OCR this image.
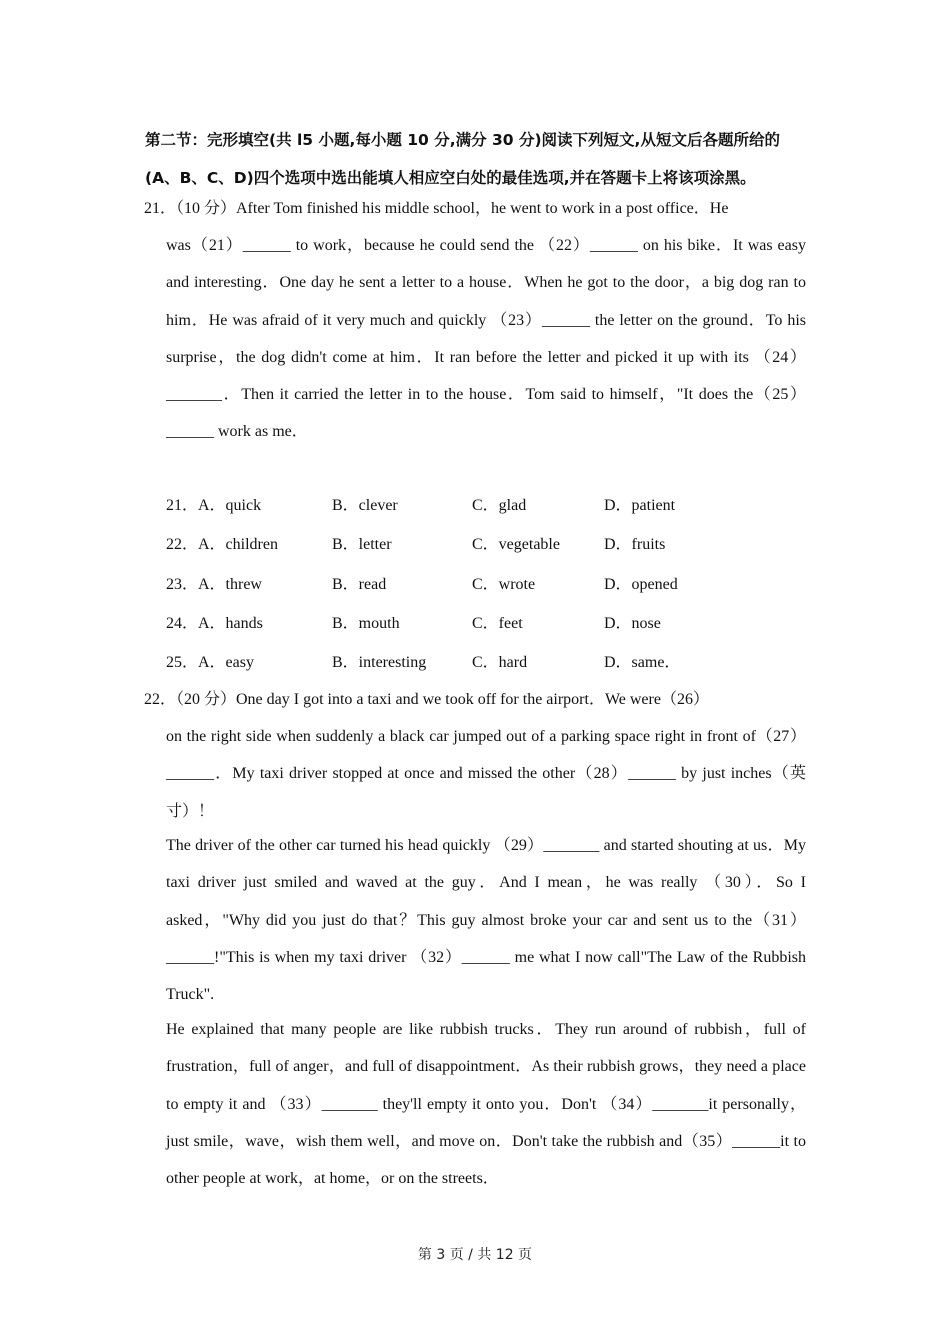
第二节：完形填空(共 l5 小题,每小题 10 分,满分 30 分)阅读下列短文,从短文后各题所给的
(A、B、C、D)四个选项中选出能填人相应空白处的最佳选项,并在答题卡上将该项涂黑。
21．（10 分）After Tom finished his middle school，he went to work in a post office．He
was（21）______ to work，because he could send the （22）______ on his bike．It was easy and interesting．One day he sent a letter to a house．When he got to the door，a big dog ran to him．He was afraid of it very much and quickly （23）______ the letter on the ground．To his surprise，the dog didn't come at him．It ran before the letter and picked it up with its （24）_______．Then it carried the letter in to the house．Tom said to himself，"It does the（25）______ work as me．
21．A．quick	B．clever	C．glad	D．patient
22．A．children	B．letter	C．vegetable	D．fruits
23．A．threw	B．read	C．wrote	D．opened
24．A．hands	B．mouth	C．feet	D．nose
25．A．easy	B．interesting	C．hard	D．same．
22．（20 分）One day I got into a taxi and we took off for the airport．We were（26）
on the right side when suddenly a black car jumped out of a parking space right in front of（27）______．My taxi driver stopped at once and missed the other（28）______ by just inches（英寸）！
The driver of the other car turned his head quickly （29）_______ and started shouting at us．My taxi driver just smiled and waved at the guy．And I mean，he was really （30）．So I asked，"Why did you just do that？This guy almost broke your car and sent us to the（31）______!"This is when my taxi driver （32）______ me what I now call"The Law of the Rubbish Truck".
He explained that many people are like rubbish trucks．They run around of rubbish，full of frustration，full of anger，and full of disappointment．As their rubbish grows，they need a place to empty it and （33）_______ they'll empty it onto you．Don't （34）_______it personally，just smile，wave，wish them well，and move on．Don't take the rubbish and（35）______it to other people at work，at home，or on the streets．
第 3 页 / 共 12 页
